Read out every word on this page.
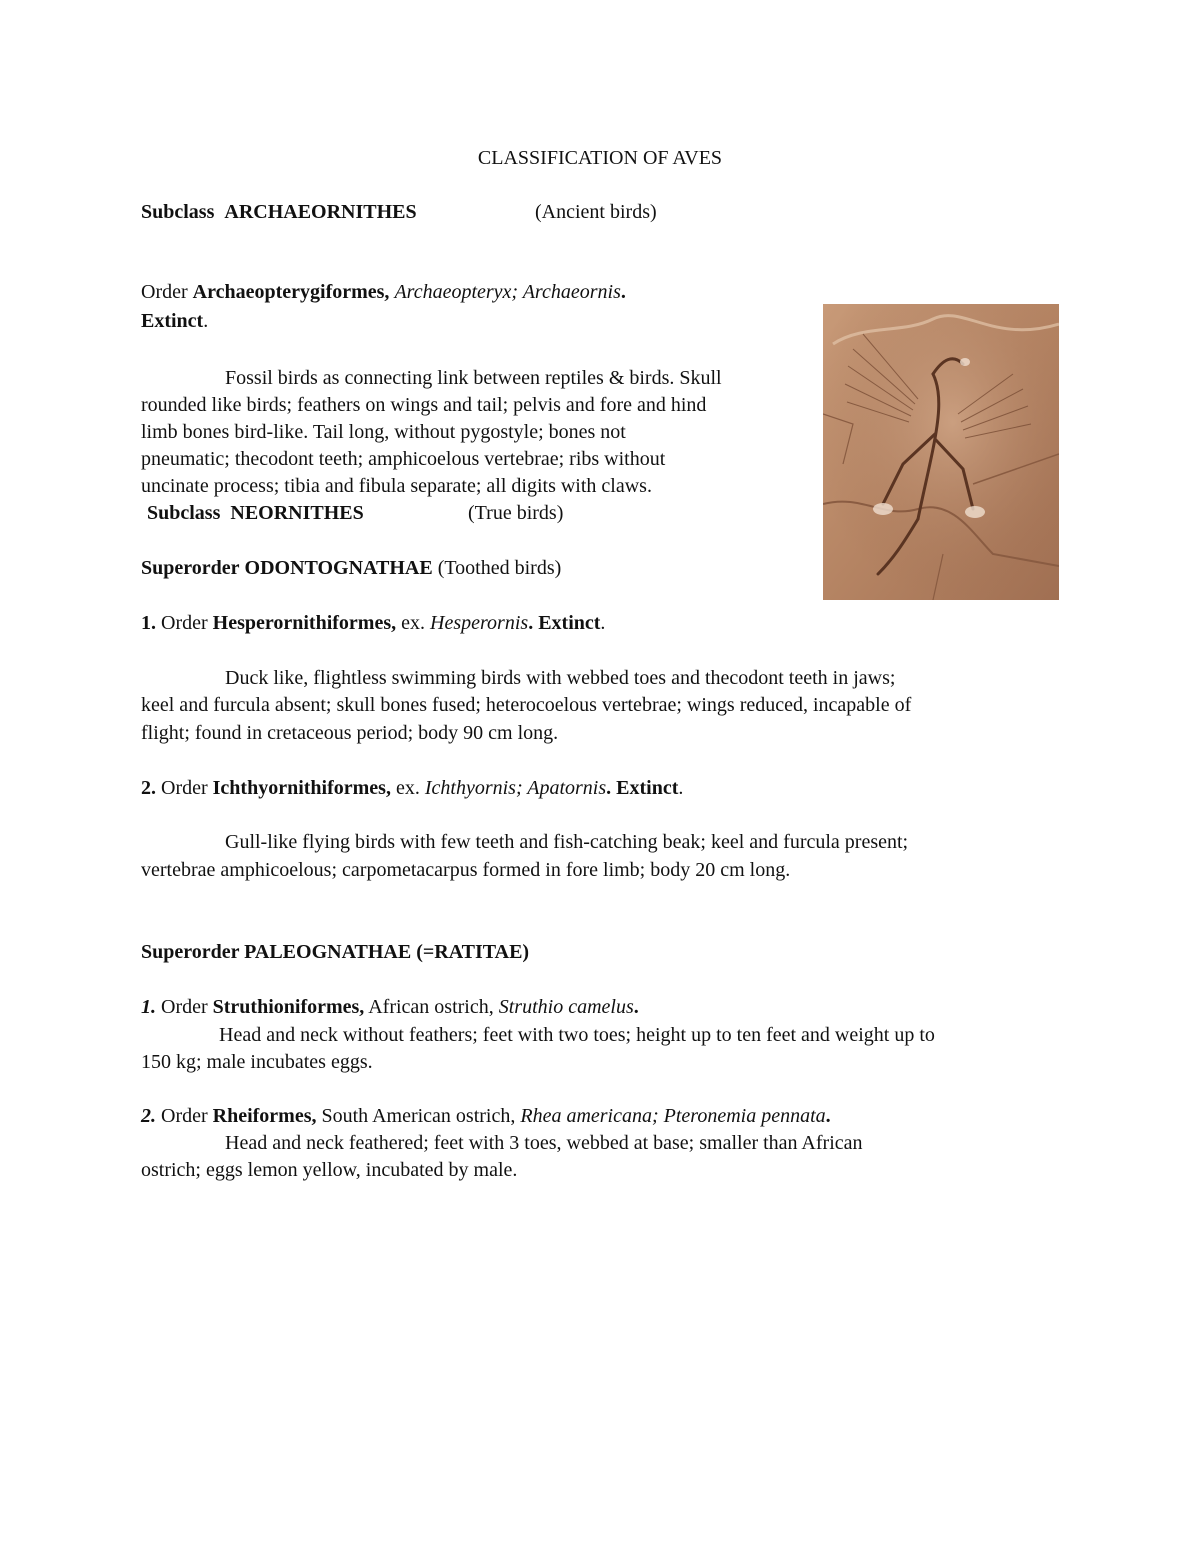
CLASSIFICATION OF AVES
Subclass ARCHAEORNITHES	(Ancient birds)
Order Archaeopterygiformes, Archaeopteryx; Archaeornis.
Extinct.
Fossil birds as connecting link between reptiles & birds. Skull
rounded like birds; feathers on wings and tail; pelvis and fore and hind
limb bones bird-like. Tail long, without pygostyle; bones not
pneumatic; thecodont teeth; amphicoelous vertebrae; ribs without
uncinate process; tibia and fibula separate; all digits with claws.
Subclass NEORNITHES	(True birds)
Superorder ODONTOGNATHAE (Toothed birds)
1. Order Hesperornithiformes, ex. Hesperornis. Extinct.
Duck like, flightless swimming birds with webbed toes and thecodont teeth in jaws;
keel and furcula absent; skull bones fused; heterocoelous vertebrae; wings reduced, incapable of
flight; found in cretaceous period; body 90 cm long.
2. Order Ichthyornithiformes, ex. Ichthyornis; Apatornis. Extinct.
Gull-like flying birds with few teeth and fish-catching beak; keel and furcula present;
vertebrae amphicoelous; carpometacarpus formed in fore limb; body 20 cm long.
Superorder PALEOGNATHAE (=RATITAE)
1. Order Struthioniformes, African ostrich, Struthio camelus.
Head and neck without feathers; feet with two toes; height up to ten feet and weight up to
150 kg; male incubates eggs.
2. Order Rheiformes, South American ostrich, Rhea americana; Pteronemia pennata.
Head and neck feathered; feet with 3 toes, webbed at base; smaller than African
ostrich; eggs lemon yellow, incubated by male.
